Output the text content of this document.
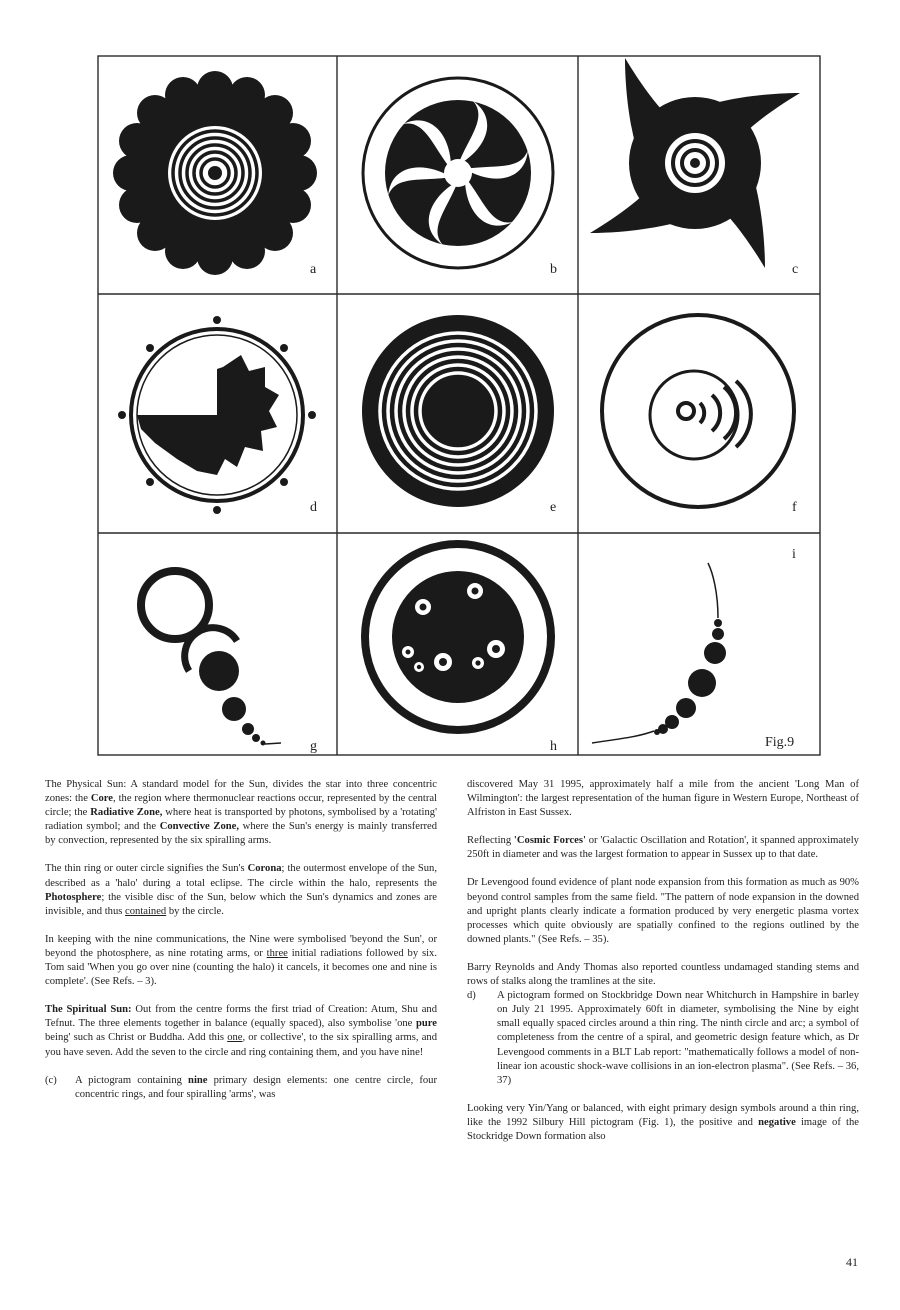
a	b	c
d	e	f
g	h
i
Fig.9

The Physical Sun: A standard model for the Sun, divides the star into three concentric zones: the Core, the region where thermonuclear reactions occur, represented by the central circle; the Radiative Zone, where heat is transported by photons, symbolised by a 'rotating' radiation symbol; and the Convective Zone, where the Sun's energy is mainly transferred by convection, represented by the six spiralling arms.

The thin ring or outer circle signifies the Sun's Corona; the outermost envelope of the Sun, described as a 'halo' during a total eclipse. The circle within the halo, represents the Photosphere; the visible disc of the Sun, below which the Sun's dynamics and zones are invisible, and thus contained by the circle.

In keeping with the nine communications, the Nine were symbolised 'beyond the Sun', or beyond the photosphere, as nine rotating arms, or three initial radiations followed by six. Tom said 'When you go over nine (counting the halo) it cancels, it becomes one and nine is complete'. (See Refs. – 3).

The Spiritual Sun: Out from the centre forms the first triad of Creation: Atum, Shu and Tefnut. The three elements together in balance (equally spaced), also symbolise 'one pure being' such as Christ or Buddha. Add this one, or collective', to the six spiralling arms, and you have seven. Add the seven to the circle and ring containing them, and you have nine!

(c)	A pictogram containing nine primary design elements: one centre circle, four concentric rings, and four spiralling 'arms', was

discovered May 31 1995, approximately half a mile from the ancient 'Long Man of Wilmington': the largest representation of the human figure in Western Europe, Northeast of Alfriston in East Sussex.

Reflecting 'Cosmic Forces' or 'Galactic Oscillation and Rotation', it spanned approximately 250ft in diameter and was the largest formation to appear in Sussex up to that date.

Dr Levengood found evidence of plant node expansion from this formation as much as 90% beyond control samples from the same field. "The pattern of node expansion in the downed and upright plants clearly indicate a formation produced by very energetic plasma vortex processes which quite obviously are spatially confined to the regions outlined by the downed plants." (See Refs. – 35).

Barry Reynolds and Andy Thomas also reported countless undamaged standing stems and rows of stalks along the tramlines at the site.

d)	A pictogram formed on Stockbridge Down near Whitchurch in Hampshire in barley on July 21 1995. Approximately 60ft in diameter, symbolising the Nine by eight small equally spaced circles around a thin ring. The ninth circle and arc; a symbol of completeness from the centre of a spiral, and geometric design feature which, as Dr Levengood comments in a BLT Lab report: "mathematically follows a model of non-linear ion acoustic shock-wave collisions in an ion-electron plasma". (See Refs. – 36, 37)

Looking very Yin/Yang or balanced, with eight primary design symbols around a thin ring, like the 1992 Silbury Hill pictogram (Fig. 1), the positive and negative image of the Stockridge Down formation also

41
